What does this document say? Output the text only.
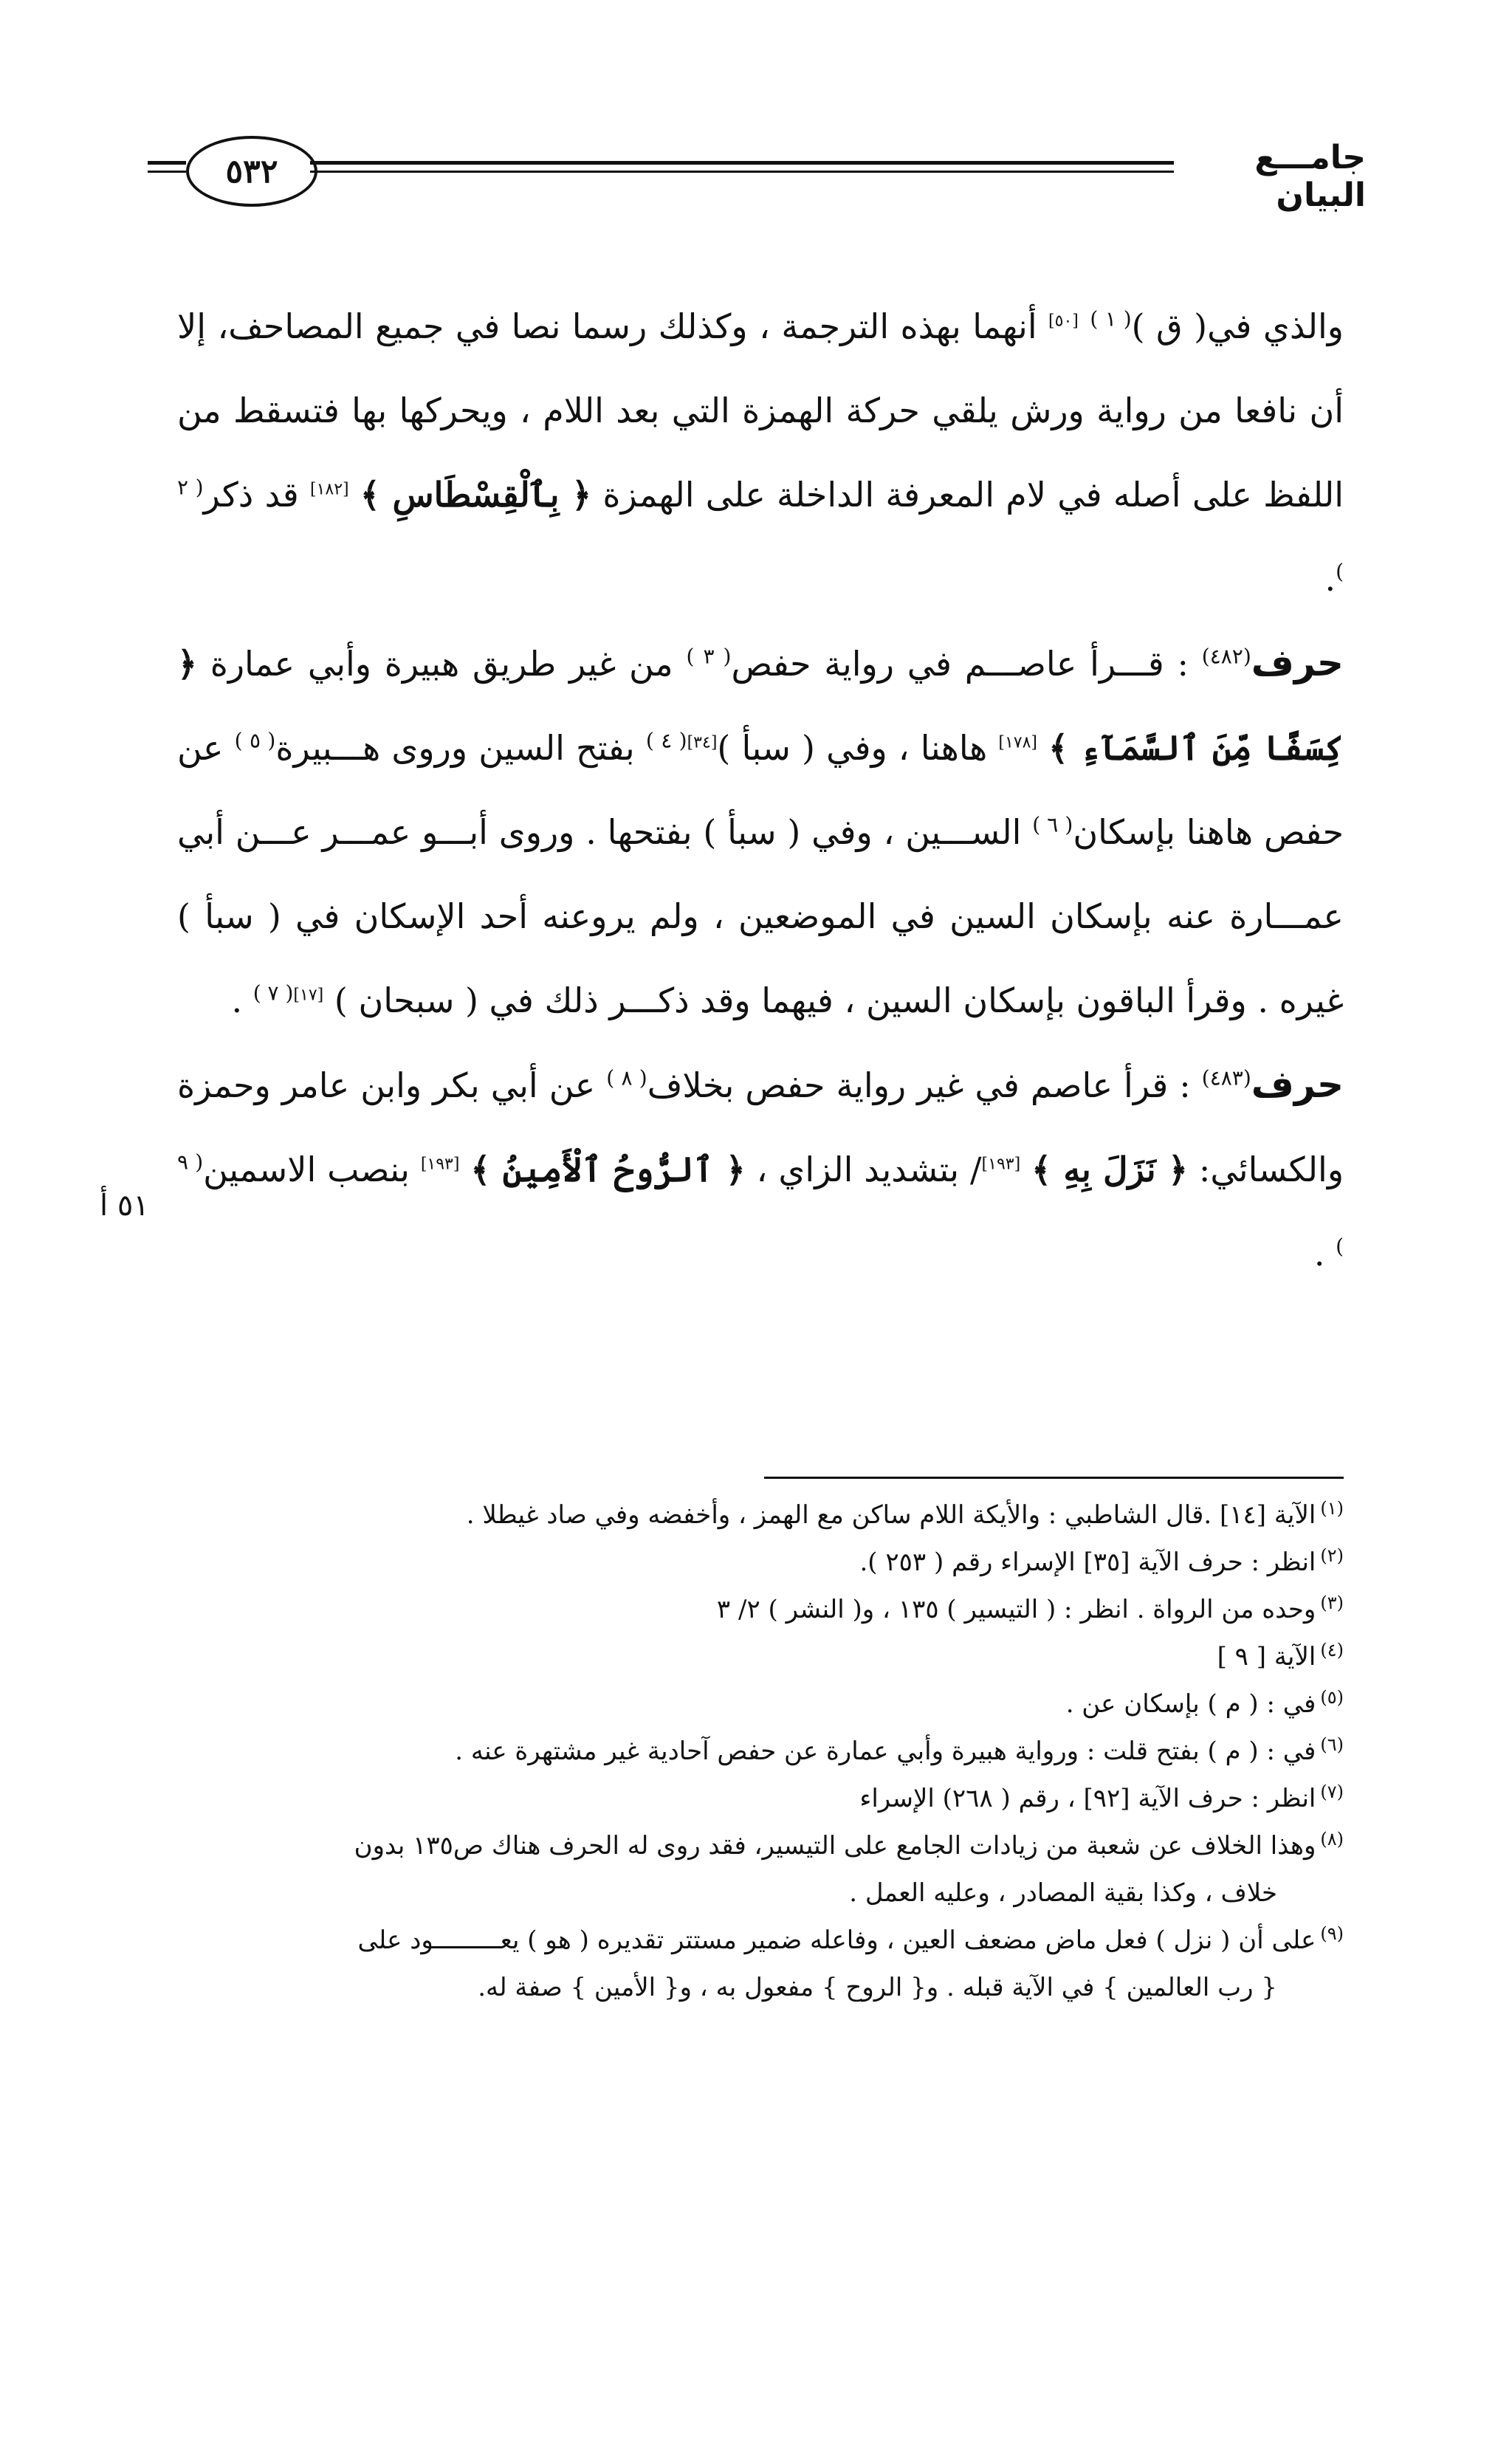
٥٣٢	جامـــع البيان

والذي في( ق )$^{( ١ )}$ [٥٠] أنهما بهذه الترجمة ، وكذلك رسما نصا في جميع المصاحف، إلا أن نافعا من رواية ورش يلقي حركة الهمزة التي بعد اللام ، ويحركها بها فتسقط من اللفظ على أصله في لام المعرفة الداخلة على الهمزة ﴿ بِٱلْقِسْطَاسِ ﴾ [١٨٢] قد ذكر$^{( ٢ )}$.

حرف$^{(٤٨٢)}$ : قـــرأ عاصـــم في رواية حفص$^{( ٣ )}$ من غير طريق هبيرة وأبي عمارة ﴿ كِسَفًا مِّنَ ٱلسَّمَآءِ ﴾ [١٧٨] هاهنا ، وفي ( سبأ )$^{[٣٤]( ٤ )}$ بفتح السين وروى هـــبيرة$^{( ٥ )}$ عن حفص هاهنا بإسكان$^{( ٦ )}$ الســـين ، وفي ( سبأ ) بفتحها . وروى أبـــو عمـــر عـــن أبي عمـــارة عنه بإسكان السين في الموضعين ، ولم يروعنه أحد الإسكان في ( سبأ ) غيره . وقرأ الباقون بإسكان السين ، فيهما وقد ذكـــر ذلك في ( سبحان ) $^{[١٧]( ٧ )}$ .

حرف$^{(٤٨٣)}$ : قرأ عاصم في غير رواية حفص بخلاف$^{( ٨ )}$ عن أبي بكر وابن عامر وحمزة والكسائي: ﴿ نَزَلَ بِهِ ﴾ [١٩٣]/ بتشديد الزاي ، ﴿ ٱلرُّوحُ ٱلْأَمِينُ ﴾ [١٩٣] بنصب الاسمين$^{( ٩ )}$ .

٥١ أ

$^{(١)}$الآية [١٤] .قال الشاطبي : والأيكة اللام ساكن مع الهمز ، وأخفضه وفي صاد غيطلا .

$^{(٢)}$انظر : حرف الآية [٣٥] الإسراء رقم ( ٢٥٣ ).

$^{(٣)}$وحده من الرواة . انظر : ( التيسير ) ١٣٥ ، و( النشر ) ٢/ ٣

$^{(٤)}$الآية [ ٩ ]

$^{(٥)}$في : ( م ) بإسكان عن .

$^{(٦)}$في : ( م ) بفتح قلت : ورواية هبيرة وأبي عمارة عن حفص آحادية غير مشتهرة عنه .

$^{(٧)}$انظر : حرف الآية [٩٢] ، رقم ( ٢٦٨) الإسراء

$^{(٨)}$وهذا الخلاف عن شعبة من زيادات الجامع على التيسير، فقد روى له الحرف هناك ص١٣٥ بدون

خلاف ، وكذا بقية المصادر ، وعليه العمل .

$^{(٩)}$على أن ( نزل ) فعل ماض مضعف العين ، وفاعله ضمير مستتر تقديره ( هو ) يعـــــــــود على

{ رب العالمين } في الآية قبله . و{ الروح } مفعول به ، و{ الأمين } صفة له.
